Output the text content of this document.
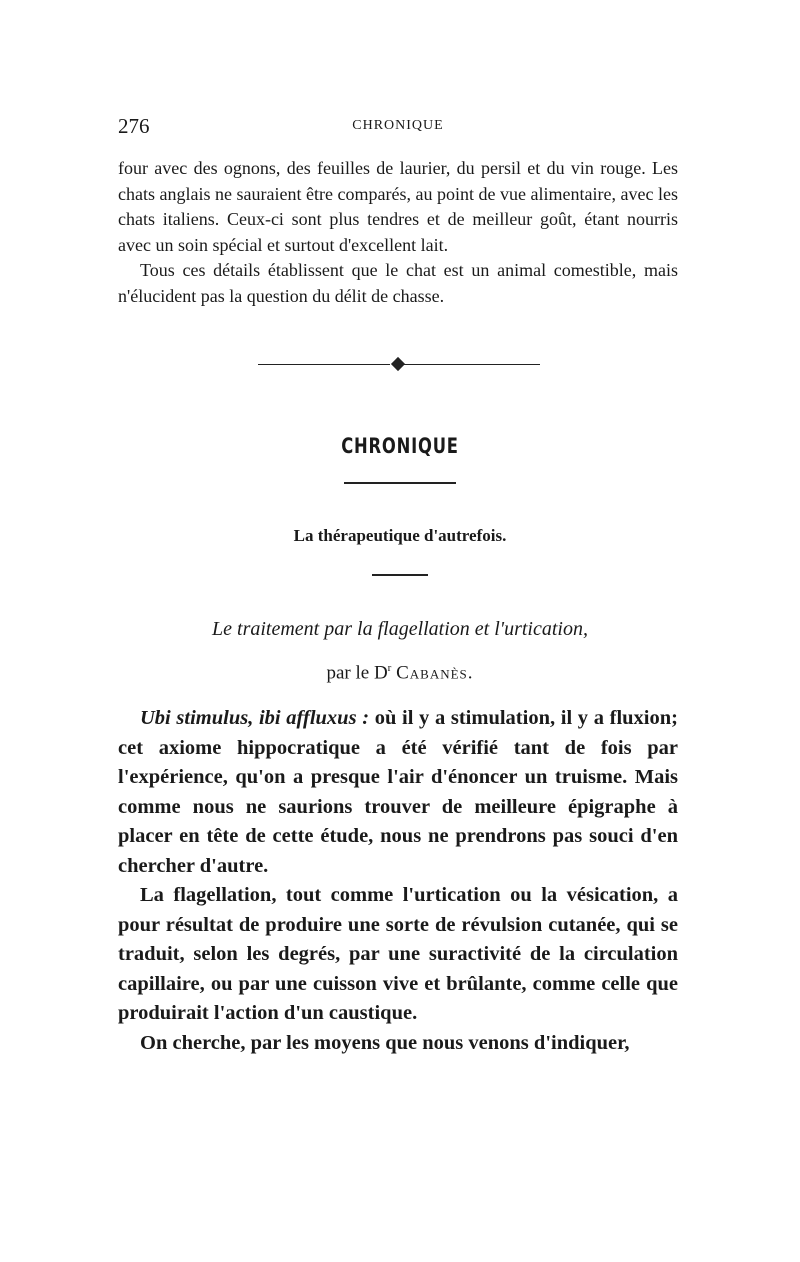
276	CHRONIQUE

four avec des ognons, des feuilles de laurier, du persil et du vin rouge. Les chats anglais ne sauraient être comparés, au point de vue alimentaire, avec les chats italiens. Ceux-ci sont plus tendres et de meilleur goût, étant nourris avec un soin spécial et surtout d'excellent lait.

Tous ces détails établissent que le chat est un animal comestible, mais n'élucident pas la question du délit de chasse.

CHRONIQUE
La thérapeutique d'autrefois.
Le traitement par la flagellation et l'urtication,
par le $D^r$ Cabanès.

Ubi stimulus, ibi affluxus : où il y a stimulation, il y a fluxion; cet axiome hippocratique a été vérifié tant de fois par l'expérience, qu'on a presque l'air d'énoncer un truisme. Mais comme nous ne saurions trouver de meilleure épigraphe à placer en tête de cette étude, nous ne prendrons pas souci d'en chercher d'autre.

La flagellation, tout comme l'urtication ou la vésication, a pour résultat de produire une sorte de révulsion cutanée, qui se traduit, selon les degrés, par une suractivité de la circulation capillaire, ou par une cuisson vive et brûlante, comme celle que produirait l'action d'un caustique.

On cherche, par les moyens que nous venons d'indiquer,
